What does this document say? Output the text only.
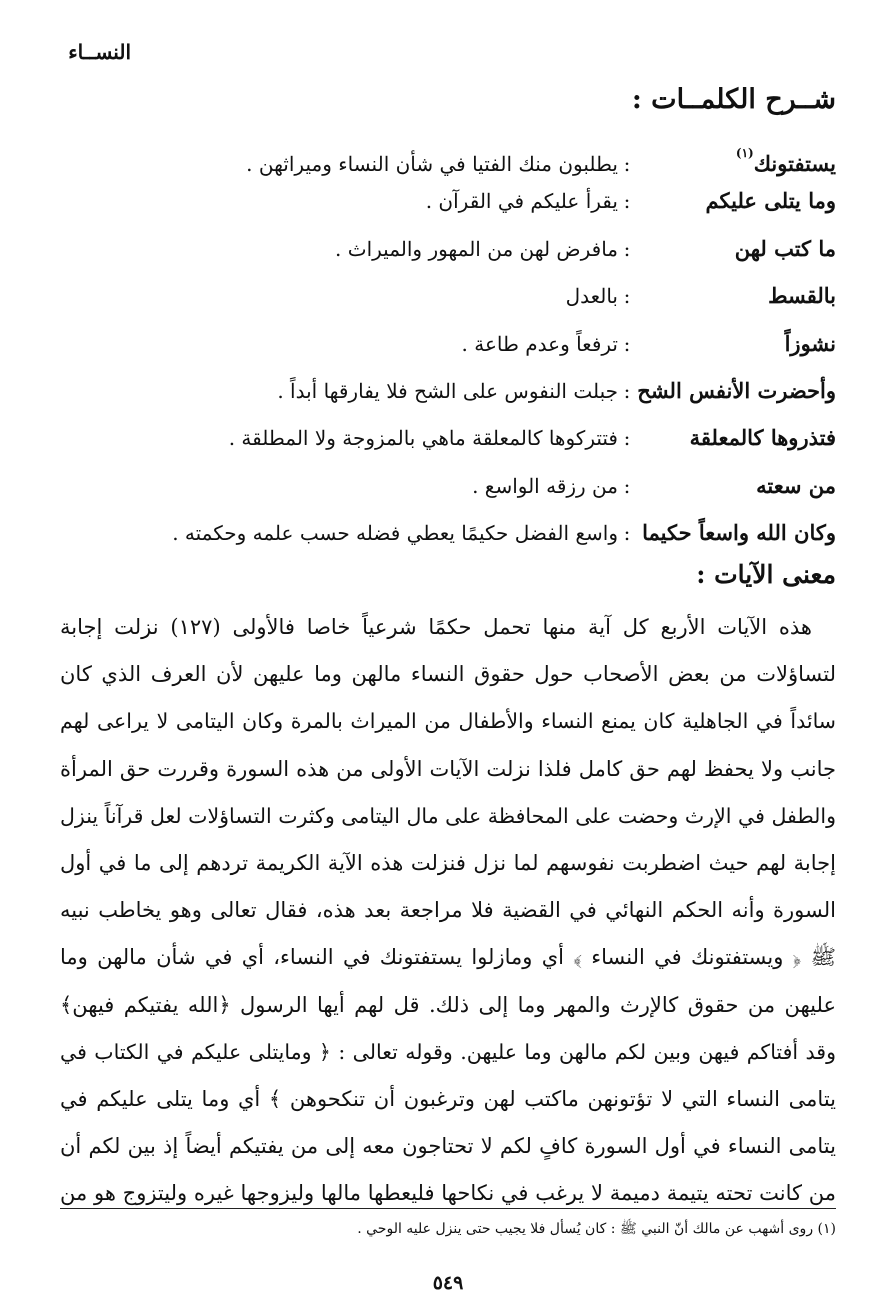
النســاء
شــرح الكلمــات :
يستفتونك$^{(١)}$
:
يطلبون منك الفتيا في شأن النساء وميراثهن .
وما يتلى عليكم
:
يقرأ عليكم في القرآن .
ما كتب لهن
:
مافرض لهن من المهور والميراث .
بالقسط
:
بالعدل
نشوزاً
:
ترفعاً وعدم طاعة .
وأحضرت الأنفس الشح
:
جبلت النفوس على الشح فلا يفارقها أبداً .
فتذروها كالمعلقة
:
فتتركوها كالمعلقة ماهي بالمزوجة ولا المطلقة .
من سعته
:
من رزقه الواسع .
وكان الله واسعاً حكيما
:
واسع الفضل حكيمًا يعطي فضله حسب علمه وحكمته .
معنى الآيات :
هذه الآيات الأربع كل آية منها تحمل حكمًا شرعياً خاصا فالأولى (١٢٧) نزلت إجابة
لتساؤلات من بعض الأصحاب حول حقوق النساء مالهن وما عليهن لأن العرف الذي كان
سائداً في الجاهلية كان يمنع النساء والأطفال من الميراث بالمرة وكان اليتامى لا يراعى لهم
جانب ولا يحفظ لهم حق كامل فلذا نزلت الآيات الأولى من هذه السورة وقررت حق المرأة
والطفل في الإرث وحضت على المحافظة على مال اليتامى وكثرت التساؤلات لعل قرآناً ينزل
إجابة لهم حيث اضطربت نفوسهم لما نزل فنزلت هذه الآية الكريمة تردهم إلى ما في أول
السورة وأنه الحكم النهائي في القضية فلا مراجعة بعد هذه، فقال تعالى وهو يخاطب نبيه
ﷺ ﴿ ويستفتونك في النساء ﴾ أي ومازلوا يستفتونك في النساء، أي في شأن مالهن وما
عليهن من حقوق كالإرث والمهر وما إلى ذلك. قل لهم أيها الرسول ﴿الله يفتيكم فيهن﴾
وقد أفتاكم فيهن وبين لكم مالهن وما عليهن. وقوله تعالى : ﴿ ومايتلى عليكم في الكتاب في
يتامى النساء التي لا تؤتونهن ماكتب لهن وترغبون أن تنكحوهن ﴾ أي وما يتلى عليكم في
يتامى النساء في أول السورة كافٍ لكم لا تحتاجون معه إلى من يفتيكم أيضاً إذ بين لكم أن
من كانت تحته يتيمة دميمة لا يرغب في نكاحها فليعطها مالها وليزوجها غيره وليتزوج هو من
(١) روى أشهب عن مالك أنّ النبي ﷺ : كان يُسأل فلا يجيب حتى ينزل عليه الوحي .
٥٤٩
